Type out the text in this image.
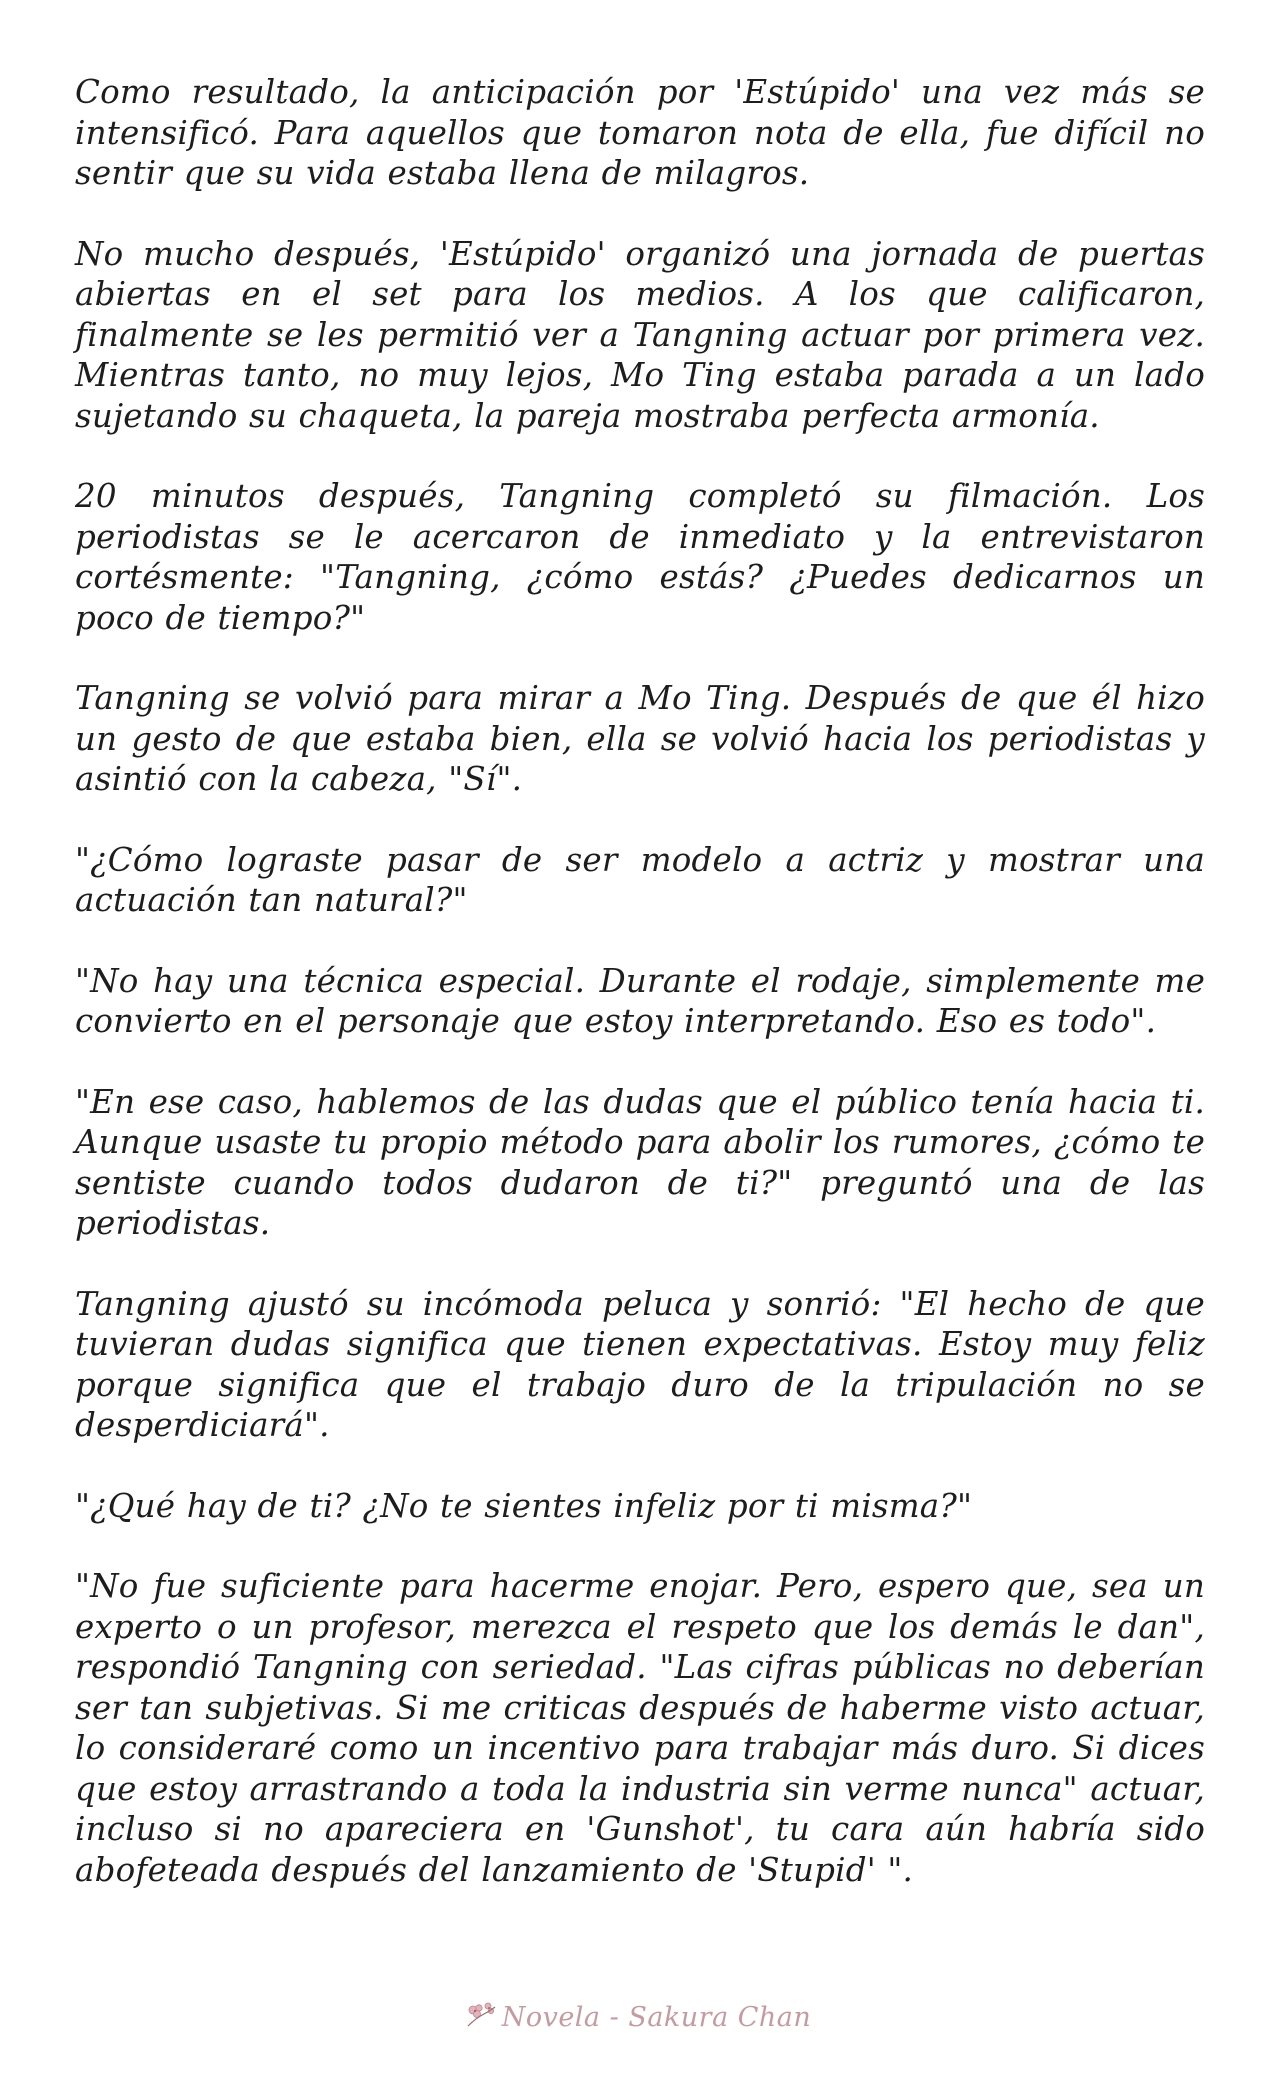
Como resultado, la anticipación por 'Estúpido' una vez más se intensificó. Para aquellos que tomaron nota de ella, fue difícil no sentir que su vida estaba llena de milagros.

No mucho después, 'Estúpido' organizó una jornada de puertas abiertas en el set para los medios. A los que calificaron, finalmente se les permitió ver a Tangning actuar por primera vez. Mientras tanto, no muy lejos, Mo Ting estaba parada a un lado sujetando su chaqueta, la pareja mostraba perfecta armonía.

20 minutos después, Tangning completó su filmación. Los periodistas se le acercaron de inmediato y la entrevistaron cortésmente: "Tangning, ¿cómo estás? ¿Puedes dedicarnos un poco de tiempo?"

Tangning se volvió para mirar a Mo Ting. Después de que él hizo un gesto de que estaba bien, ella se volvió hacia los periodistas y asintió con la cabeza, "Sí".

"¿Cómo lograste pasar de ser modelo a actriz y mostrar una actuación tan natural?"

"No hay una técnica especial. Durante el rodaje, simplemente me convierto en el personaje que estoy interpretando. Eso es todo".

"En ese caso, hablemos de las dudas que el público tenía hacia ti. Aunque usaste tu propio método para abolir los rumores, ¿cómo te sentiste cuando todos dudaron de ti?" preguntó una de las periodistas.

Tangning ajustó su incómoda peluca y sonrió: "El hecho de que tuvieran dudas significa que tienen expectativas. Estoy muy feliz porque significa que el trabajo duro de la tripulación no se desperdiciará".

"¿Qué hay de ti? ¿No te sientes infeliz por ti misma?"

"No fue suficiente para hacerme enojar. Pero, espero que, sea un experto o un profesor, merezca el respeto que los demás le dan", respondió Tangning con seriedad. "Las cifras públicas no deberían ser tan subjetivas. Si me criticas después de haberme visto actuar, lo consideraré como un incentivo para trabajar más duro. Si dices que estoy arrastrando a toda la industria sin verme nunca" actuar, incluso si no apareciera en 'Gunshot', tu cara aún habría sido abofeteada después del lanzamiento de 'Stupid' ".

Novela - Sakura Chan
